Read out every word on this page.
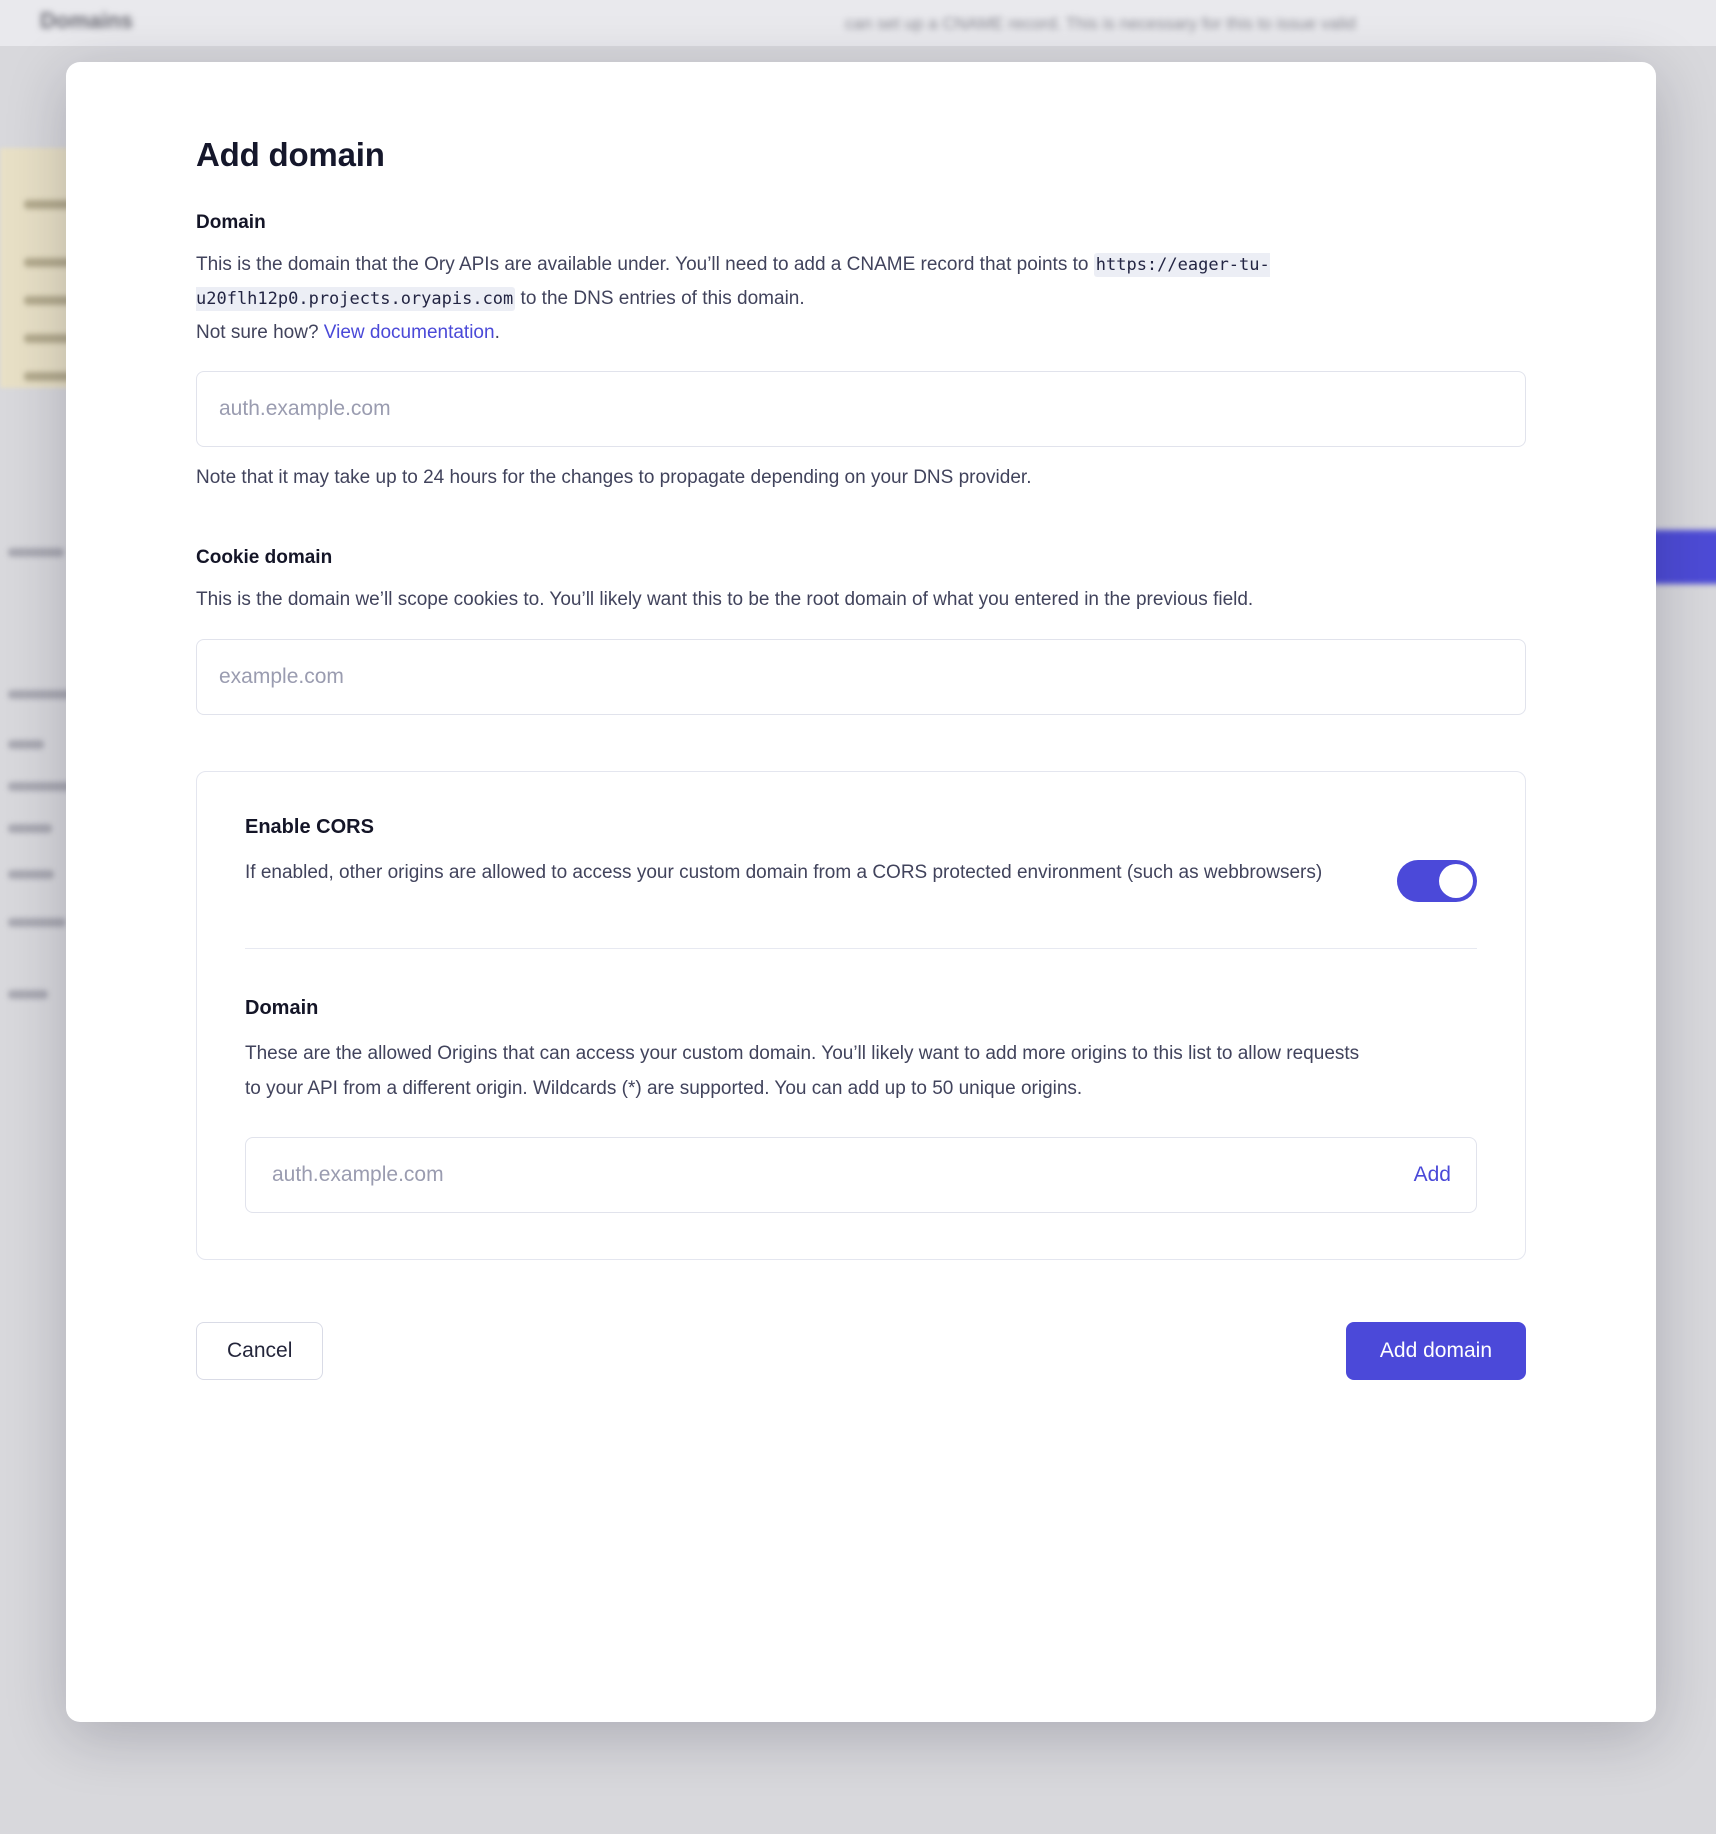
Domains	can set up a CNAME record. This is necessary for this to issue valid
Add domain
Domain

This is the domain that the Ory APIs are available under. You’ll need to add a CNAME record that points to https://eager-tu-u20flh12p0.projects.oryapis.com to the DNS entries of this domain.
Not sure how? View documentation.

auth.example.com
Note that it may take up to 24 hours for the changes to propagate depending on your DNS provider.
Cookie domain

This is the domain we’ll scope cookies to. You’ll likely want this to be the root domain of what you entered in the previous field.

example.com
Enable CORS

If enabled, other origins are allowed to access your custom domain from a CORS protected environment (such as webbrowsers)

Domain

These are the allowed Origins that can access your custom domain. You’ll likely want to add more origins to this list to allow requests to your API from a different origin. Wildcards (*) are supported. You can add up to 50 unique origins.

auth.example.com
Add
Cancel	Add domain
